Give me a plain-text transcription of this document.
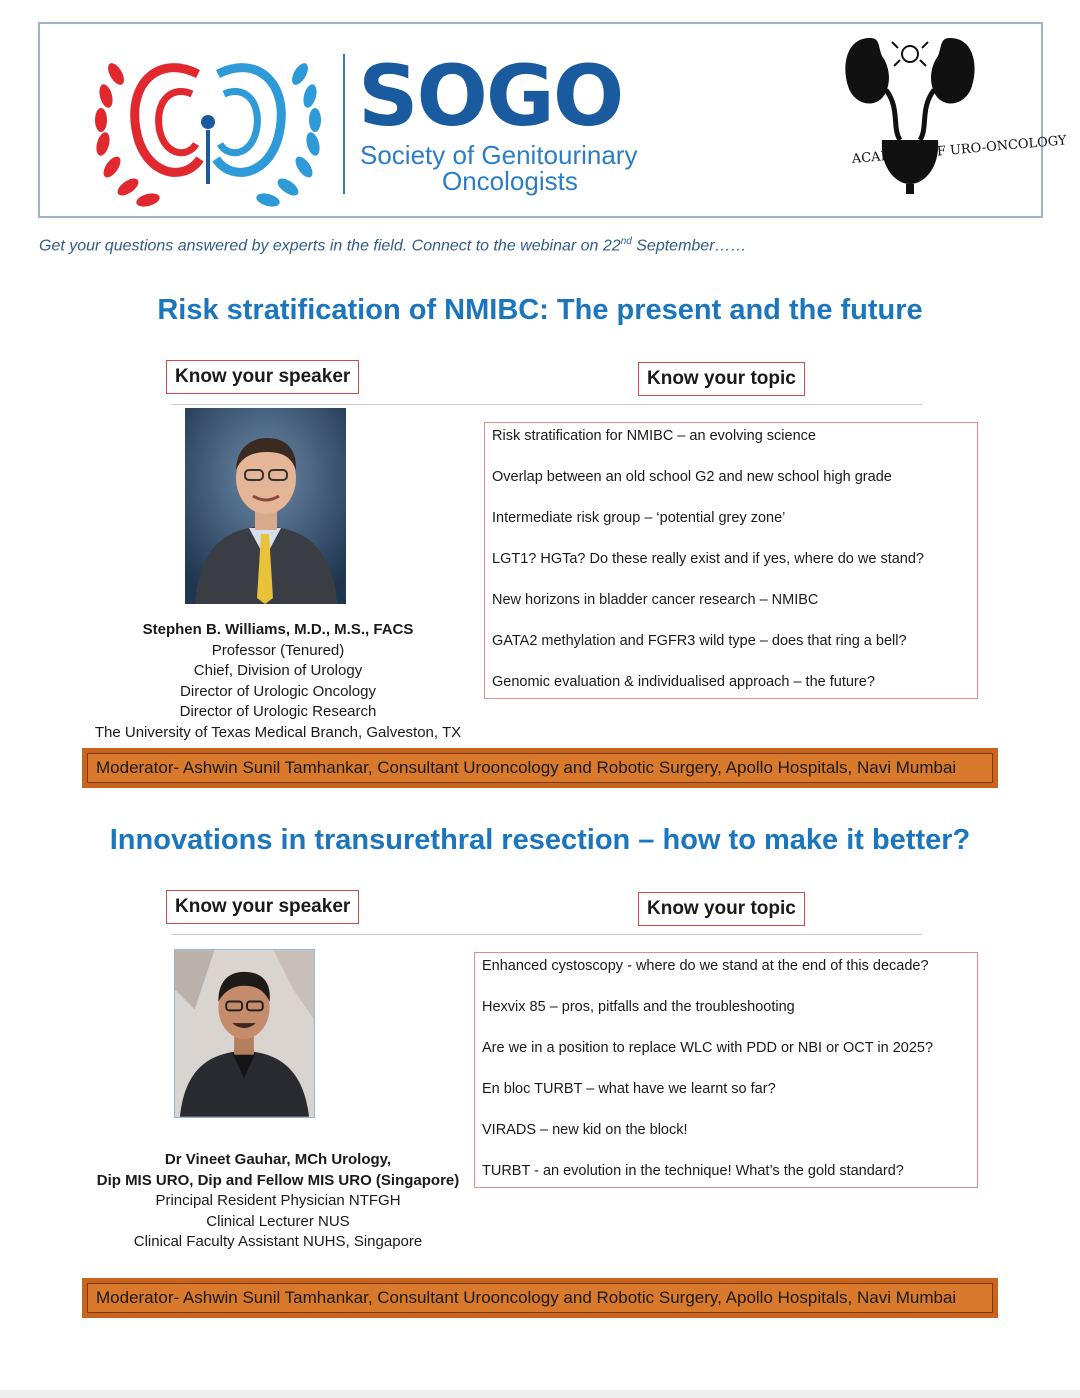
SOGO
Society of Genitourinary
Oncologists
ACADEMY OF URO-ONCOLOGY
Get your questions answered by experts in the field. Connect to the webinar on 22nd September……
Risk stratification of NMIBC: The present and the future
Know your speaker	Know your topic
Stephen B. Williams, M.D., M.S., FACS
Professor (Tenured)
Chief, Division of Urology
Director of Urologic Oncology
Director of Urologic Research
The University of Texas Medical Branch, Galveston, TX
Risk stratification for NMIBC – an evolving science
Overlap between an old school G2 and new school high grade
Intermediate risk group – ‘potential grey zone’
LGT1? HGTa? Do these really exist and if yes, where do we stand?
New horizons in bladder cancer research – NMIBC
GATA2 methylation and FGFR3 wild type – does that ring a bell?
Genomic evaluation & individualised approach – the future?
Moderator- Ashwin Sunil Tamhankar, Consultant Urooncology and Robotic Surgery, Apollo Hospitals, Navi Mumbai
Innovations in transurethral resection – how to make it better?
Know your speaker	Know your topic
Dr Vineet Gauhar, MCh Urology,
Dip MIS URO, Dip and Fellow MIS URO (Singapore)
Principal Resident Physician NTFGH
Clinical Lecturer NUS
Clinical Faculty Assistant NUHS, Singapore
Enhanced cystoscopy - where do we stand at the end of this decade?
Hexvix 85 – pros, pitfalls and the troubleshooting
Are we in a position to replace WLC with PDD or NBI or OCT in 2025?
En bloc TURBT – what have we learnt so far?
VIRADS – new kid on the block!
TURBT - an evolution in the technique! What’s the gold standard?
Moderator- Ashwin Sunil Tamhankar, Consultant Urooncology and Robotic Surgery, Apollo Hospitals, Navi Mumbai
